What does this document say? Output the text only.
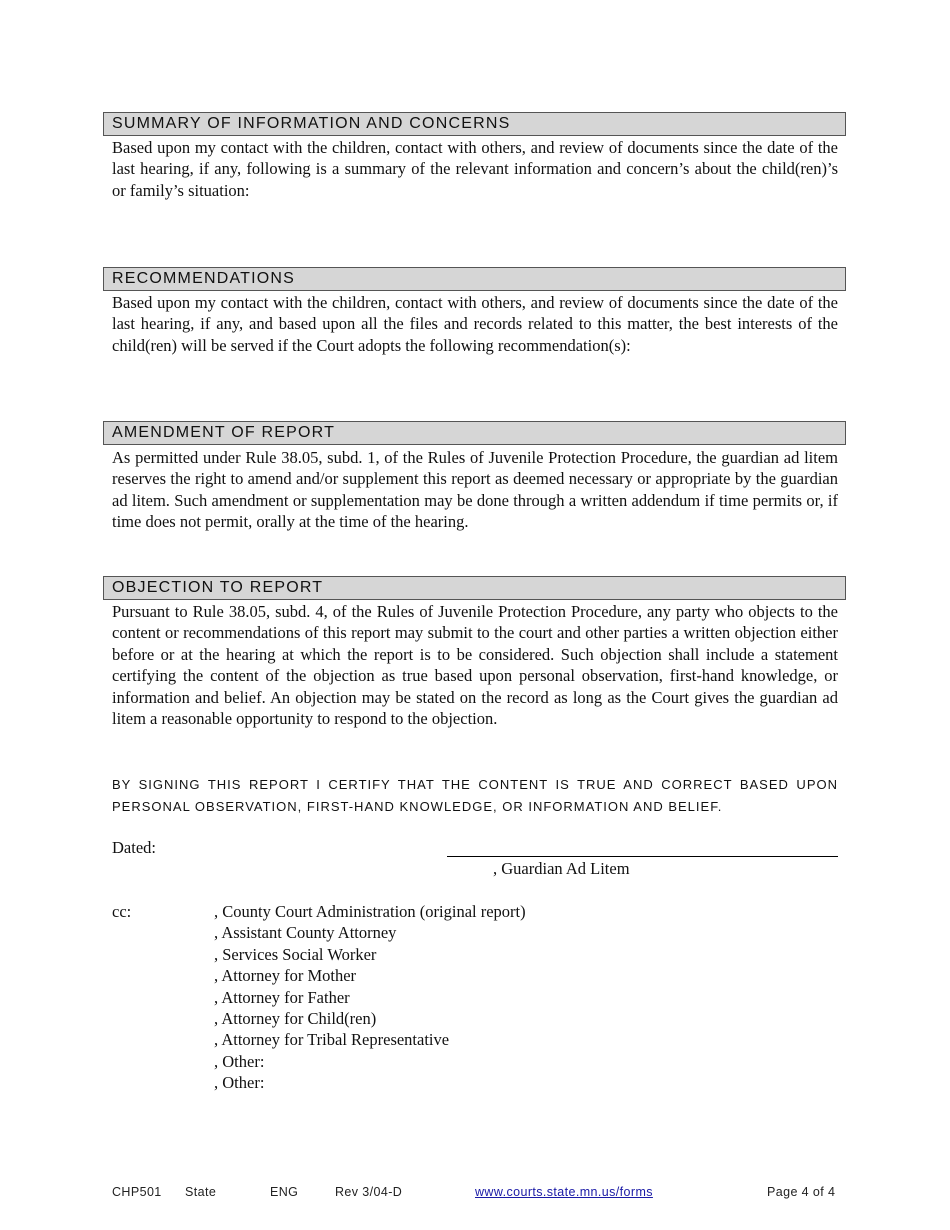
SUMMARY OF INFORMATION AND CONCERNS

Based upon my contact with the children, contact with others, and review of documents since the date of the last hearing, if any, following is a summary of the relevant information and concern’s about the child(ren)’s or family’s situation:

RECOMMENDATIONS

Based upon my contact with the children, contact with others, and review of documents since the date of the last hearing, if any, and based upon all the files and records related to this matter, the best interests of the child(ren) will be served if the Court adopts the following recommendation(s):

AMENDMENT OF REPORT

As permitted under Rule 38.05, subd. 1, of the Rules of Juvenile Protection Procedure, the guardian ad litem reserves the right to amend and/or supplement this report as deemed necessary or appropriate by the guardian ad litem. Such amendment or supplementation may be done through a written addendum if time permits or, if time does not permit, orally at the time of the hearing.

OBJECTION TO REPORT

Pursuant to Rule 38.05, subd. 4, of the Rules of Juvenile Protection Procedure, any party who objects to the content or recommendations of this report may submit to the court and other parties a written objection either before or at the hearing at which the report is to be considered. Such objection shall include a statement certifying the content of the objection as true based upon personal observation, first-hand knowledge, or information and belief. An objection may be stated on the record as long as the Court gives the guardian ad litem a reasonable opportunity to respond to the objection.

BY SIGNING THIS REPORT I CERTIFY THAT THE CONTENT IS TRUE AND CORRECT BASED UPON PERSONAL OBSERVATION, FIRST-HAND KNOWLEDGE, OR INFORMATION AND BELIEF.
Dated:
, Guardian Ad Litem
cc:	, County Court Administration (original report)
, Assistant County Attorney
, Services Social Worker
, Attorney for Mother
, Attorney for Father
, Attorney for Child(ren)
, Attorney for Tribal Representative
, Other:
, Other:
CHP501 State	ENG	Rev 3/04-D	www.courts.state.mn.us/forms	Page 4 of 4
